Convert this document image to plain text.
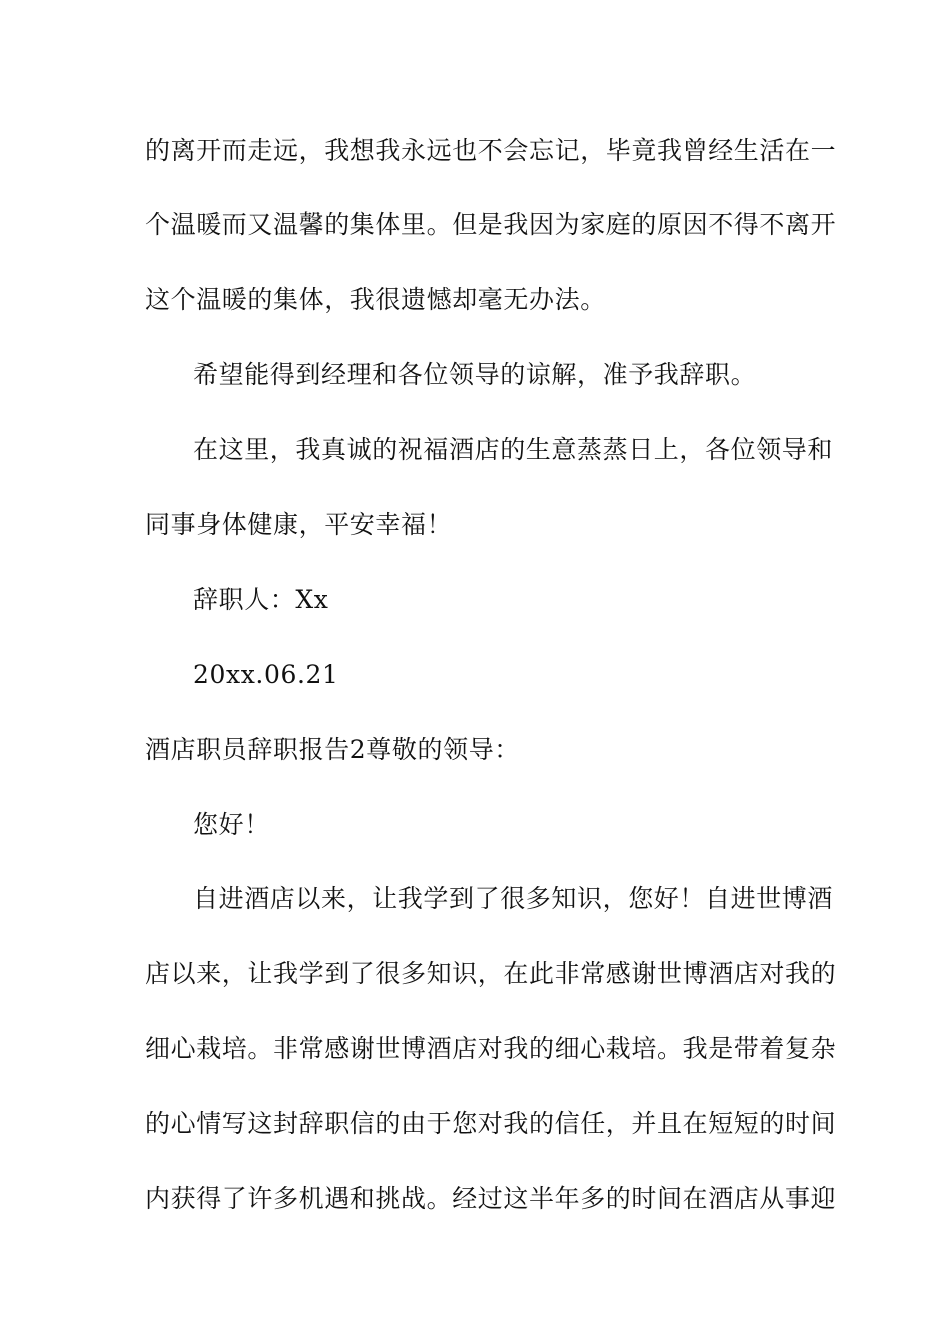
的离开而走远，我想我永远也不会忘记，毕竟我曾经生活在一
个温暖而又温馨的集体里。但是我因为家庭的原因不得不离开
这个温暖的集体，我很遗憾却毫无办法。
希望能得到经理和各位领导的谅解，准予我辞职。
在这里，我真诚的祝福酒店的生意蒸蒸日上，各位领导和
同事身体健康，平安幸福！
辞职人：Xx
20xx.06.21
酒店职员辞职报告2尊敬的领导：
您好！
自进酒店以来，让我学到了很多知识，您好！自进世博酒
店以来，让我学到了很多知识，在此非常感谢世博酒店对我的
细心栽培。非常感谢世博酒店对我的细心栽培。我是带着复杂
的心情写这封辞职信的由于您对我的信任，并且在短短的时间
内获得了许多机遇和挑战。经过这半年多的时间在酒店从事迎
